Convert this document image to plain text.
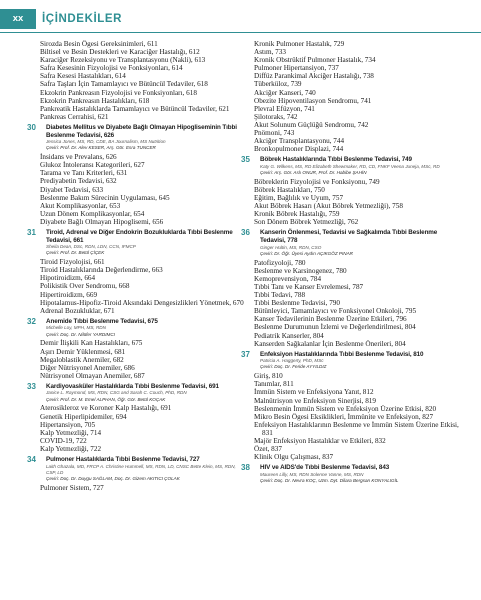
xx	İÇİNDEKİLER
Sirozda Besin Ögesi Gereksinimleri, 611
Biltisel ve Besin Destekleri ve Karaciğer Hastalığı, 612
Karaciğer Rezeksiyonu ve Transplantasyonu (Nakli), 613
Safra Kesesinin Fizyolojisi ve Fonksiyonları, 614
Safra Kesesi Hastalıkları, 614
Safra Taşları İçin Tamamlayıcı ve Bütüncül Tedaviler, 618
Ekzokrin Pankreasın Fizyolojisi ve Fonksiyonları, 618
Ekzokrin Pankreasın Hastalıkları, 618
Pankreatik Hastalıklarda Tamamlayıcı ve Bütüncül Tedaviler, 621
Pankreas Cerrahisi, 621
30 Diabetes Mellitus ve Diyabete Bağlı Olmayan Hipoglisemi​nin Tıbbi Beslenme Tedavisi, 626
Jessica Jones, MS, RD, CDE, BA Journalism, MS Nutrition
Çeviri: Prof. Dr. Alev KESER, Arş. Gör. Esra TUNCER
İnsidans ve Prevalans, 626
Glukoz İntoleransı Kategorileri, 627
Tarama ve Tanı Kriterleri, 631
Prediyabetin Tedavisi, 632
Diyabet Tedavisi, 633
Beslenme Bakım Sürecinin Uygulaması, 645
Akut Komplikasyonlar, 653
Uzun Dönem Komplikasyonlar, 654
Diyabete Bağlı Olmayan Hipoglisemi, 656
31 Tiroid, Adrenal ve Diğer Endokrin Bozukluklarda Tıbbi Beslenme Tedavisi, 661
Sheila Dean, DSc, RDN, LDN, CCN, IFMCP
Çeviri: Prof. Dr. Betül ÇİÇEK
Tiroid Fizyolojisi, 661
Tiroid Hastalıklarında Değerlendirme, 663
Hipotiroidizm, 664
Polikistik Over Sendromu, 668
Hipertiroidizm, 669
Hipotalamus-Hipofiz-Tiroid Aksındaki Dengesizlikleri Yönetmek, 670
Adrenal Bozukluklar, 671
32 Anemide Tıbbi Beslenme Tedavisi, 675
Michelle Loy, MPH, MS, RDN
Çeviri: Doç. Dr. Nilüfer YARDIMCI
Demir İlişkili Kan Hastalıkları, 675
Aşırı Demir Yüklenmesi, 681
Megaloblastik Anemiler, 682
Diğer Nütrisyonel Anemiler, 686
Nütrisyonel Olmayan Anemiler, 687
33 Kardiyovasküler Hastalıklarda Tıbbi Beslenme Tedavisi, 691
Janice L. Raymond, MS, RDN, CSG and Sarah C. Couch, PhD, RDN
Çeviri: Prof. Dr. M. Emel ALPHAN, Öğr. Gör. Betül KOÇAK
Aterosikleroz ve Koroner Kalp Hastalığı, 691
Genetik Hiperlipidemiler, 694
Hipertansiyon, 705
Kalp Yetmezliği, 714
COVID-19, 722
Kalp Yetmezliği, 722
34 Pulmoner Hastalıklarda Tıbbi Beslenme Tedavisi, 727
Laith Ghazala, MD, FRCP A. Christine Hummell, MS, RDN, LD, CNSC Bette Klein, MS, RDN, CSP, LD
Çeviri: Doç. Dr. Duygu SAĞLAM, Doç. Dr. Gizem AKITICI ÇOLAK
Pulmoner Sistem, 727
Kronik Pulmoner Hastalık, 729
Astım, 733
Kronik Obstrüktif Pulmoner Hastalık, 734
Pulmoner Hipertansiyon, 737
Diffüz Parankimal Akciğer Hastalığı, 738
Tüberküloz, 739
Akciğer Kanseri, 740
Obezite Hipoventilasyon Sendromu, 741
Plevral Efüzyon, 741
Şilotoraks, 742
Akut Solunum Güçlüğü Sendromu, 742
Pnömoni, 743
Akciğer Transplantasyonu, 744
Bronkopulmoner Displazi, 744
35 Böbrek Hastalıklarında Tıbbi Beslenme Tedavisi, 749
Katy G. Wilkens, MS, RD Elizabeth Shewmaker, RD, CD, FNKF Veena Juneja, MSc, RD
Çeviri: Arş. Gör. Aslı ONUR, Prof. Dr. Habibe ŞAHİN
Böbreklerin Fizyolojisi ve Fonksiyonu, 749
Böbrek Hastalıkları, 750
Eğitim, Bağlılık ve Uyum, 757
Akut Böbrek Hasarı (Akut Böbrek Yetmezliği), 758
Kronik Böbrek Hastalığı, 759
Son Dönem Böbrek Yetmezliği, 762
36 Kanserin Önlenmesi, Tedavisi ve Sağkalımda Tıbbi Beslenme Tedavisi, 778
Ginger Hultin, MS, RDN, CSO
Çeviri: Dr. Öğr. Üyesi Aydın AÇIKGÖZ PINAR
Patofizyoloji, 780
Beslenme ve Karsinogenez, 780
Kemoprevensiyon, 784
Tıbbi Tanı ve Kanser Evrelemesi, 787
Tıbbi Tedavi, 788
Tıbbi Beslenme Tedavisi, 790
Bütünleyici, Tamamlayıcı ve Fonksiyonel Onkoloji, 795
Kanser Tedavilerinin Beslenme Üzerine Etkileri, 796
Beslenme Durumunun İzlemi ve Değerlendirilmesi, 804
Pediatrik Kanserler, 804
Kanserden Sağkalanlar İçin Beslenme Önerileri, 804
37 Enfeksiyon Hastalıklarında Tıbbi Beslenme Tedavisi, 810
Patricia A. Haggerty, PhD, MSc
Çeviri: Doç. Dr. Feride AYYILDIZ
Giriş, 810
Tanımlar, 811
İmmün Sistem ve Enfeksiyona Yanıt, 812
Malnütrisyon ve Enfeksiyon Sinerjisi, 819
Beslenmenin İmmün Sistem ve Enfeksiyon Üzerine Etkisi, 820
Mikro Besin Ögesi Eksiklikleri, İmmünite ve Enfeksiyon, 827
Enfeksiyon Hastalıklarının Beslenme ve İmmün Sistem Üzerine Etkisi, 831
Majör Enfeksiyon Hastalıklar ve Etkileri, 832
Özet, 837
Klinik Olgu Çalışması, 837
38 HIV ve AIDS'de Tıbbi Beslenme Tedavisi, 843
Maureen Lilly, MS, RDN Solenne Vanne, MS, RDN
Çeviri: Doç. Dr. Nevra KOÇ, Uzm. Dyt. Dilara Bergsan KONYALIGİL
